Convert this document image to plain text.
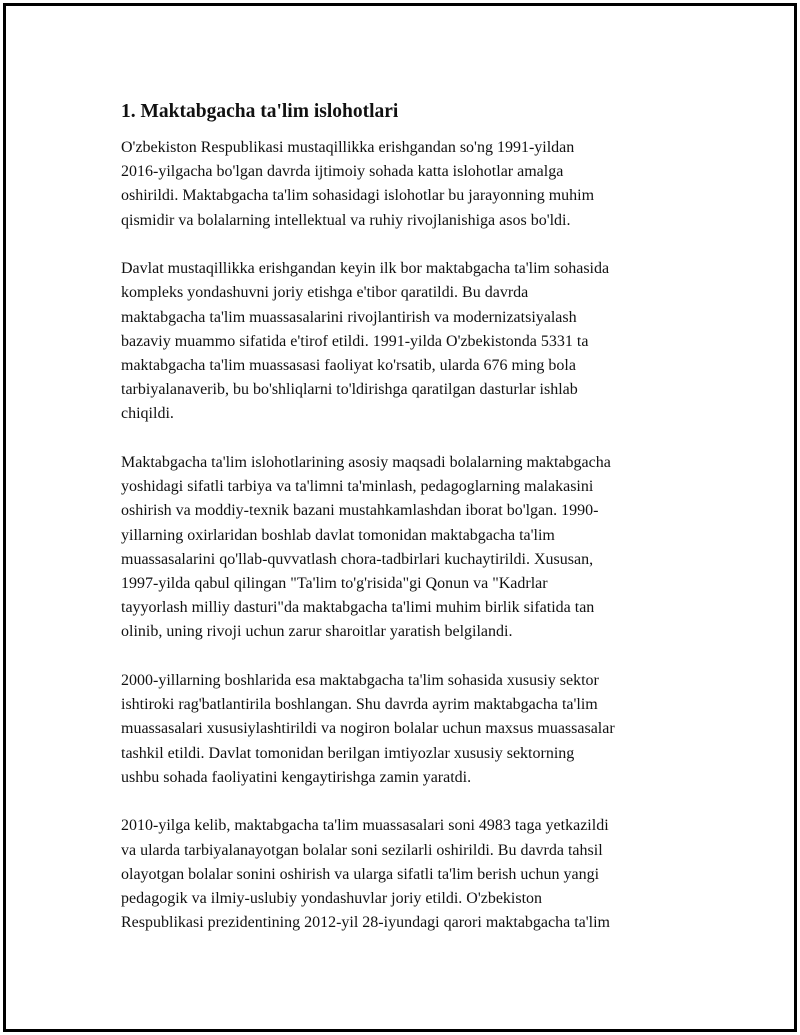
1. Maktabgacha ta'lim islohotlari
O'zbekiston Respublikasi mustaqillikka erishgandan so'ng 1991-yildan
2016-yilgacha bo'lgan davrda ijtimoiy sohada katta islohotlar amalga
oshirildi. Maktabgacha ta'lim sohasidagi islohotlar bu jarayonning muhim
qismidir va bolalarning intellektual va ruhiy rivojlanishiga asos bo'ldi.
Davlat mustaqillikka erishgandan keyin ilk bor maktabgacha ta'lim sohasida
kompleks yondashuvni joriy etishga e'tibor qaratildi. Bu davrda
maktabgacha ta'lim muassasalarini rivojlantirish va modernizatsiyalash
bazaviy muammo sifatida e'tirof etildi. 1991-yilda O'zbekistonda 5331 ta
maktabgacha ta'lim muassasasi faoliyat ko'rsatib, ularda 676 ming bola
tarbiyalanaverib, bu bo'shliqlarni to'ldirishga qaratilgan dasturlar ishlab
chiqildi.
Maktabgacha ta'lim islohotlarining asosiy maqsadi bolalarning maktabgacha
yoshidagi sifatli tarbiya va ta'limni ta'minlash, pedagoglarning malakasini
oshirish va moddiy-texnik bazani mustahkamlashdan iborat bo'lgan. 1990-
yillarning oxirlaridan boshlab davlat tomonidan maktabgacha ta'lim
muassasalarini qo'llab-quvvatlash chora-tadbirlari kuchaytirildi. Xususan,
1997-yilda qabul qilingan "Ta'lim to'g'risida"gi Qonun va "Kadrlar
tayyorlash milliy dasturi"da maktabgacha ta'limi muhim birlik sifatida tan
olinib, uning rivoji uchun zarur sharoitlar yaratish belgilandi.
2000-yillarning boshlarida esa maktabgacha ta'lim sohasida xususiy sektor
ishtiroki rag'batlantirila boshlangan. Shu davrda ayrim maktabgacha ta'lim
muassasalari xususiylashtirildi va nogiron bolalar uchun maxsus muassasalar
tashkil etildi. Davlat tomonidan berilgan imtiyozlar xususiy sektorning
ushbu sohada faoliyatini kengaytirishga zamin yaratdi.
2010-yilga kelib, maktabgacha ta'lim muassasalari soni 4983 taga yetkazildi
va ularda tarbiyalanayotgan bolalar soni sezilarli oshirildi. Bu davrda tahsil
olayotgan bolalar sonini oshirish va ularga sifatli ta'lim berish uchun yangi
pedagogik va ilmiy-uslubiy yondashuvlar joriy etildi. O'zbekiston
Respublikasi prezidentining 2012-yil 28-iyundagi qarori maktabgacha ta'lim
